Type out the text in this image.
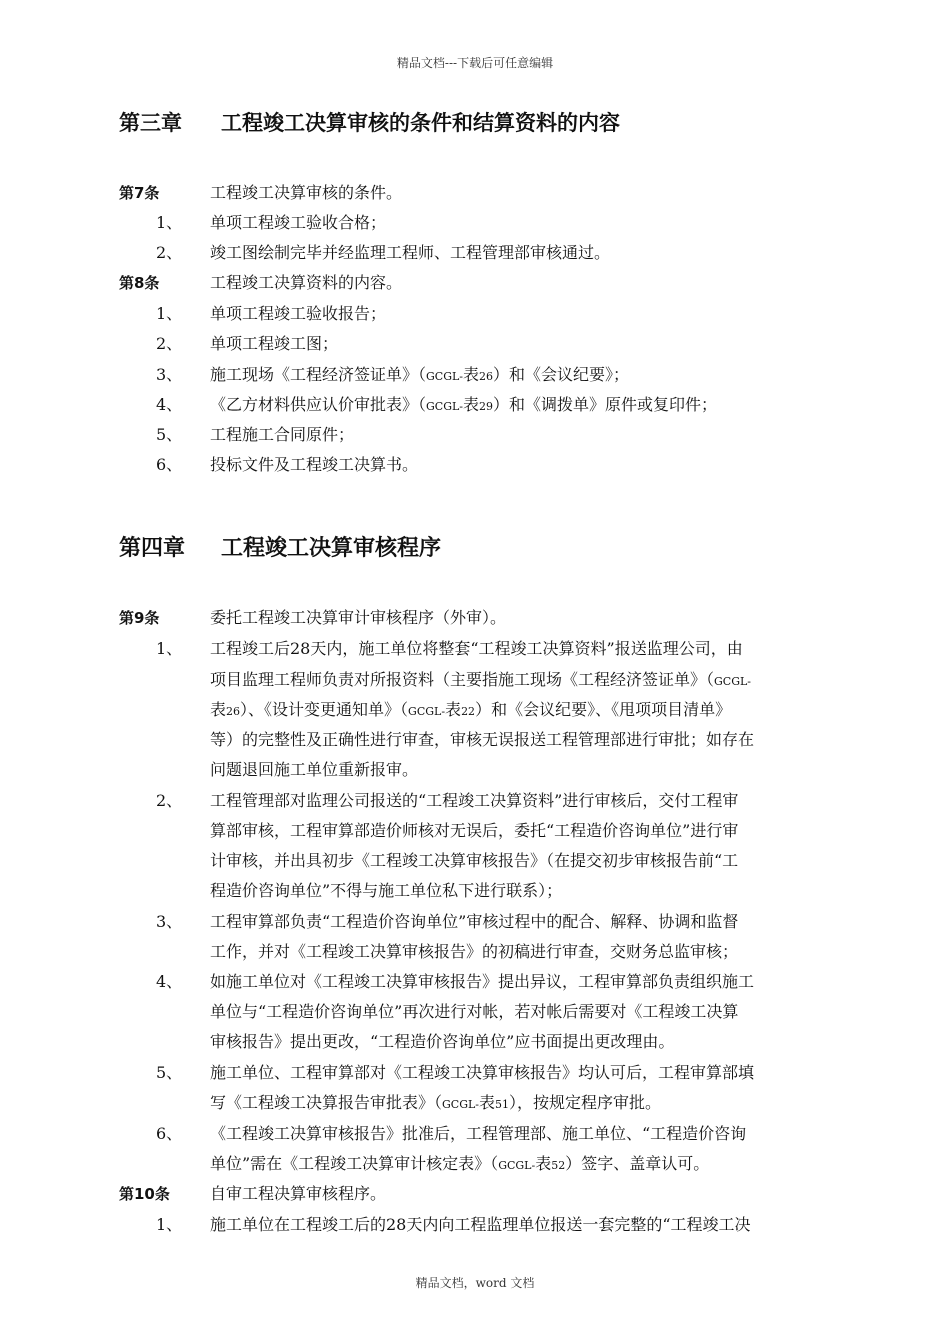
精品文档---下载后可任意编辑
第三章 工程竣工决算审核的条件和结算资料的内容
第7条	工程竣工决算审核的条件。
1、 单项工程竣工验收合格；
2、 竣工图绘制完毕并经监理工程师、工程管理部审核通过。
第8条	工程竣工决算资料的内容。
1、 单项工程竣工验收报告；
2、 单项工程竣工图；
3、 施工现场《工程经济签证单》（GCGL-表26）和《会议纪要》；
4、 《乙方材料供应认价审批表》（GCGL-表29）和《调拨单》原件或复印件；
5、 工程施工合同原件；
6、 投标文件及工程竣工决算书。
第四章 工程竣工决算审核程序
第9条	委托工程竣工决算审计审核程序（外审）。
1、 工程竣工后28天内，施工单位将整套“工程竣工决算资料”报送监理公司，由
项目监理工程师负责对所报资料（主要指施工现场《工程经济签证单》（GCGL-
表26）、《设计变更通知单》（GCGL-表22）和《会议纪要》、《甩项项目清单》
等）的完整性及正确性进行审查，审核无误报送工程管理部进行审批；如存在
问题退回施工单位重新报审。
2、 工程管理部对监理公司报送的“工程竣工决算资料”进行审核后，交付工程审
算部审核，工程审算部造价师核对无误后，委托“工程造价咨询单位”进行审
计审核，并出具初步《工程竣工决算审核报告》（在提交初步审核报告前“工
程造价咨询单位”不得与施工单位私下进行联系）；
3、 工程审算部负责“工程造价咨询单位”审核过程中的配合、解释、协调和监督
工作，并对《工程竣工决算审核报告》的初稿进行审查，交财务总监审核；
4、 如施工单位对《工程竣工决算审核报告》提出异议，工程审算部负责组织施工
单位与“工程造价咨询单位”再次进行对帐，若对帐后需要对《工程竣工决算
审核报告》提出更改，“工程造价咨询单位”应书面提出更改理由。
5、 施工单位、工程审算部对《工程竣工决算审核报告》均认可后，工程审算部填
写《工程竣工决算报告审批表》（GCGL-表51），按规定程序审批。
6、 《工程竣工决算审核报告》批准后，工程管理部、施工单位、“工程造价咨询
单位”需在《工程竣工决算审计核定表》（GCGL-表52）签字、盖章认可。
第10条	自审工程决算审核程序。
1、 施工单位在工程竣工后的28天内向工程监理单位报送一套完整的“工程竣工决
精品文档，word 文档
